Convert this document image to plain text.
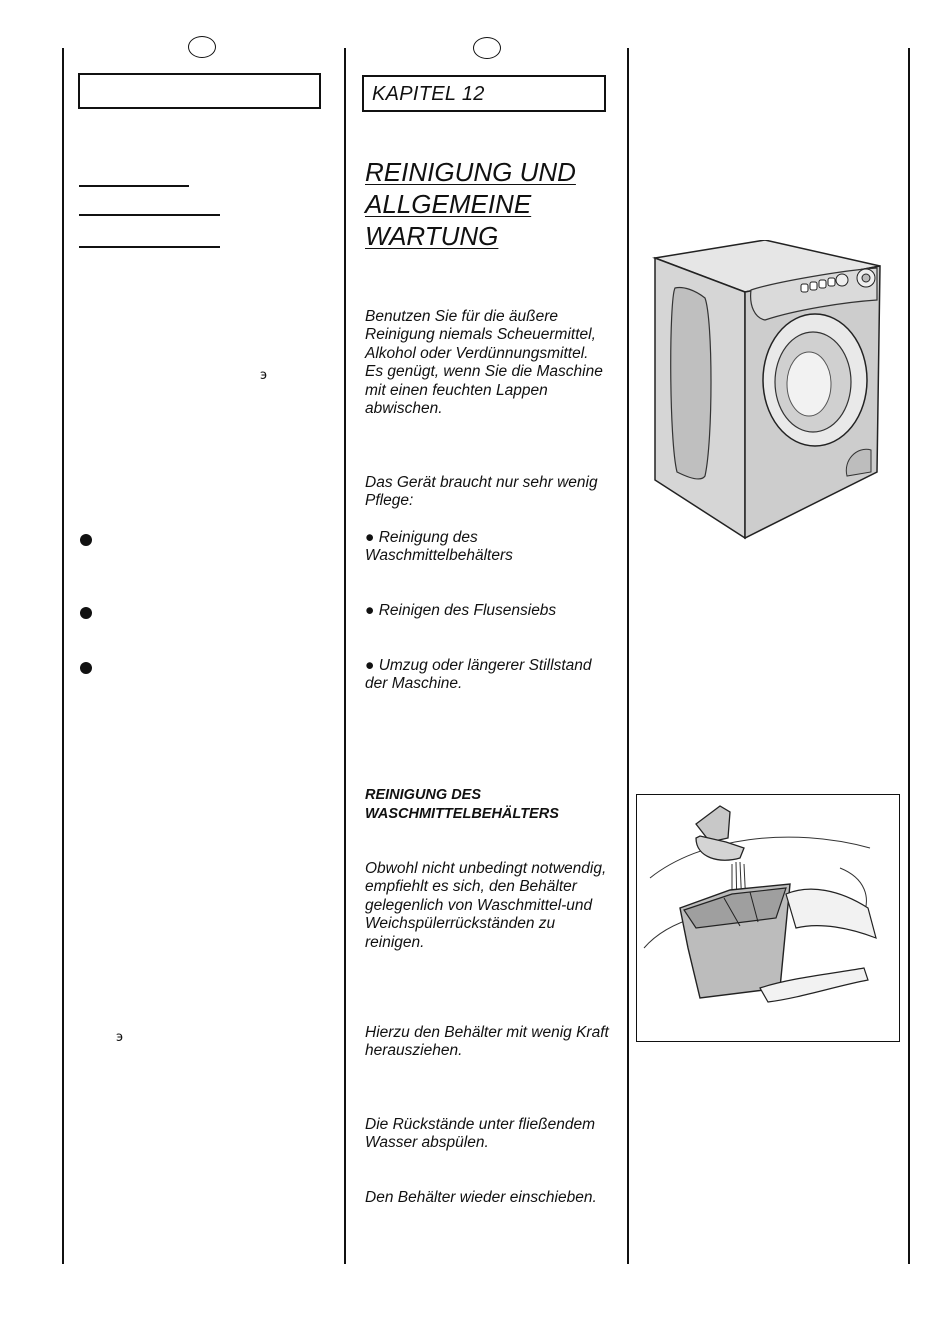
э
э
KAPITEL 12
REINIGUNG UND
ALLGEMEINE
WARTUNG

Benutzen Sie für die äußere Reinigung niemals Scheuermittel, Alkohol oder Verdünnungsmittel. Es genügt, wenn Sie die Maschine mit einen feuchten Lappen abwischen.

Das Gerät braucht nur sehr wenig Pflege:

● Reinigung des Waschmittelbehälters

● Reinigen des Flusensiebs

● Umzug oder längerer Stillstand der Maschine.

REINIGUNG DES
WASCHMITTELBEHÄLTERS

Obwohl nicht unbedingt notwendig, empfiehlt es sich, den Behälter gelegenlich von Waschmittel-und Weichspülerrückständen zu reinigen.

Hierzu den Behälter mit wenig Kraft herausziehen.

Die Rückstände unter fließendem Wasser abspülen.

Den Behälter wieder einschieben.
